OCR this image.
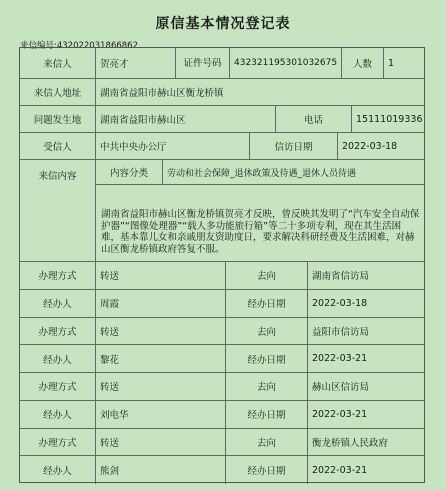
原信基本情况登记表
来信编号:432022031866862
来信人	贺亮才	证件号码	432321195301032675	人数	1
来信人地址	湖南省益阳市赫山区衡龙桥镇
问题发生地	湖南省益阳市赫山区	电话	15111019336
受信人	中共中央办公厅	信访日期	2022-03-18
来信内容	内容分类	劳动和社会保障_退休政策及待遇_退休人员待遇
湖南省益阳市赫山区衡龙桥镇贺亮才反映，曾反映其发明了“汽车安全自动保护器”“图像处理器”“载人多功能旅行箱”等二十多项专利，现在其生活困难，基本靠儿女和亲戚朋友资助度日，要求解决科研经费及生活困难，对赫山区衡龙桥镇政府答复不服。
办理方式	转送	去向	湖南省信访局
经办人	周霞	经办日期	2022-03-18
办理方式	转送	去向	益阳市信访局
经办人	黎花	经办日期	2022-03-21
办理方式	转送	去向	赫山区信访局
经办人	刘电华	经办日期	2022-03-21
办理方式	转送	去向	衡龙桥镇人民政府
经办人	熊剑	经办日期	2022-03-21
